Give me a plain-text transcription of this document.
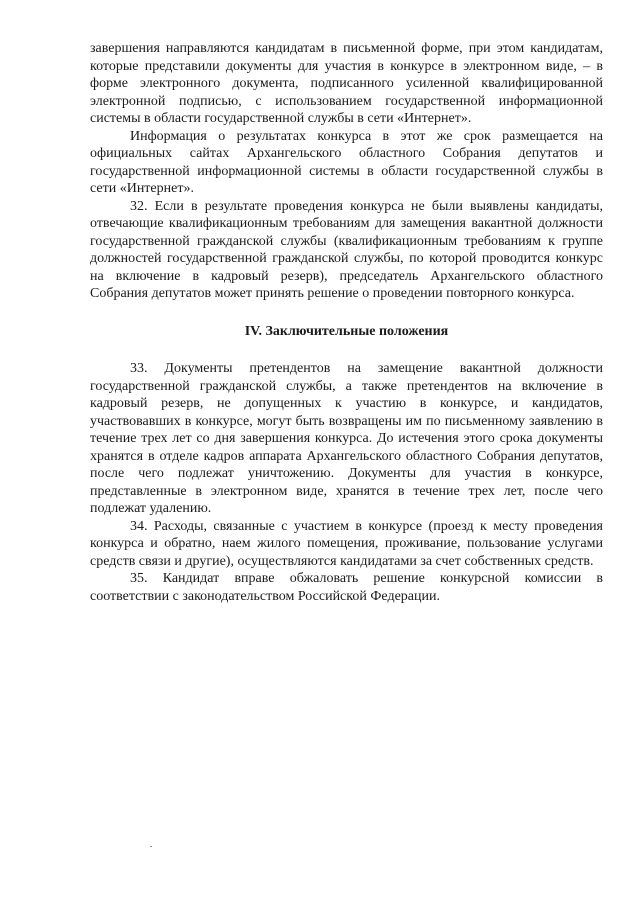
завершения направляются кандидатам в письменной форме, при этом кандидатам, которые представили документы для участия в конкурсе в электронном виде, – в форме электронного документа, подписанного усиленной квалифицированной электронной подписью, с использованием государственной информационной системы в области государственной службы в сети «Интернет».

Информация о результатах конкурса в этот же срок размещается на официальных сайтах Архангельского областного Собрания депутатов и государственной информационной системы в области государственной службы в сети «Интернет».

32. Если в результате проведения конкурса не были выявлены кандидаты, отвечающие квалификационным требованиям для замещения вакантной должности государственной гражданской службы (квалификационным требованиям к группе должностей государственной гражданской службы, по которой проводится конкурс на включение в кадровый резерв), председатель Архангельского областного Собрания депутатов может принять решение о проведении повторного конкурса.

IV. Заключительные положения

33. Документы претендентов на замещение вакантной должности государственной гражданской службы, а также претендентов на включение в кадровый резерв, не допущенных к участию в конкурсе, и кандидатов, участвовавших в конкурсе, могут быть возвращены им по письменному заявлению в течение трех лет со дня завершения конкурса. До истечения этого срока документы хранятся в отделе кадров аппарата Архангельского областного Собрания депутатов, после чего подлежат уничтожению. Документы для участия в конкурсе, представленные в электронном виде, хранятся в течение трех лет, после чего подлежат удалению.

34. Расходы, связанные с участием в конкурсе (проезд к месту проведения конкурса и обратно, наем жилого помещения, проживание, пользование услугами средств связи и другие), осуществляются кандидатами за счет собственных средств.

35. Кандидат вправе обжаловать решение конкурсной комиссии в соответствии с законодательством Российской Федерации.
